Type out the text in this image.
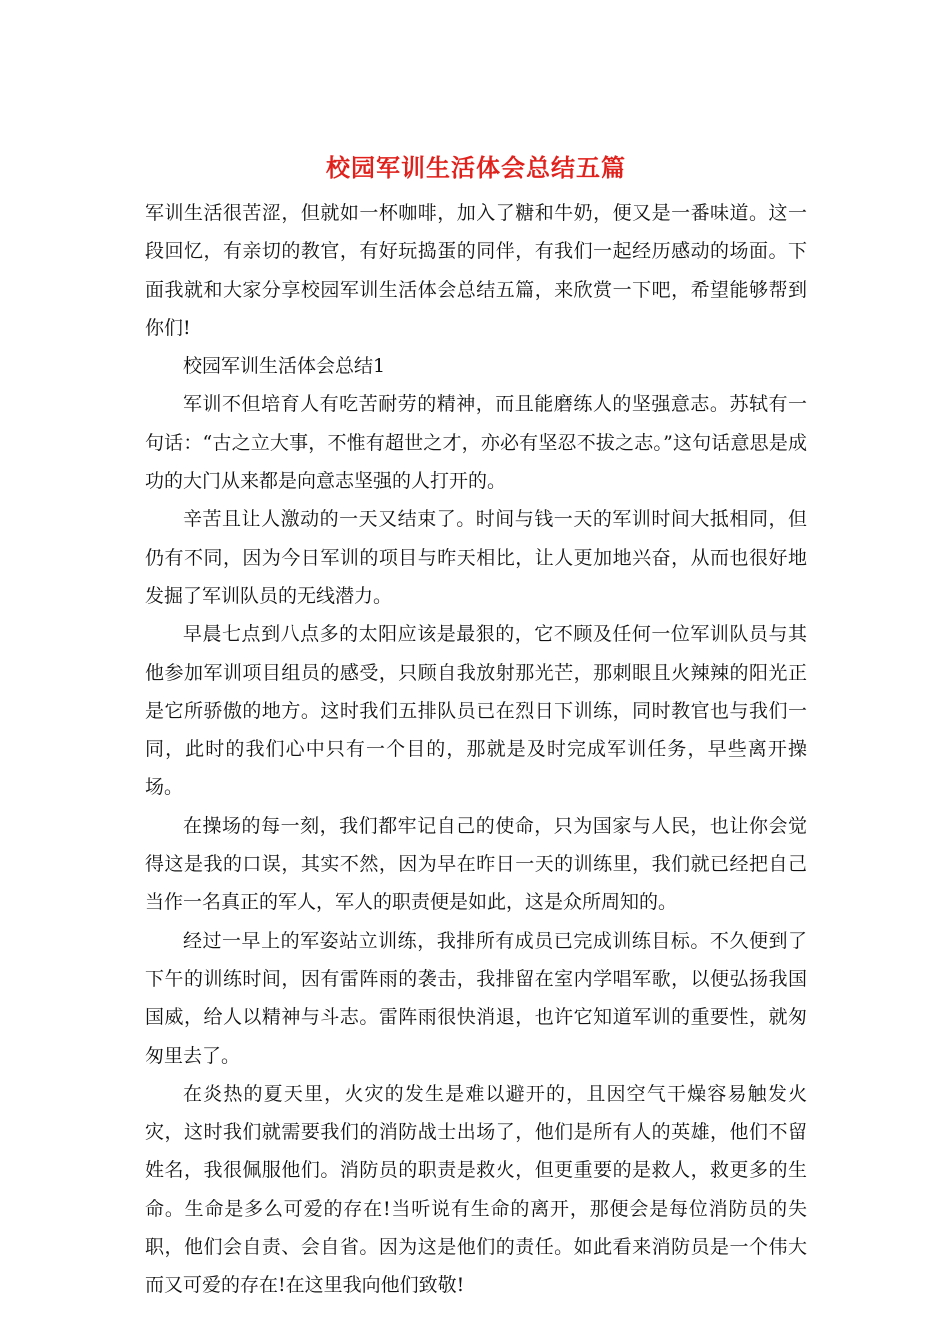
校园军训生活体会总结五篇

军训生活很苦涩，但就如一杯咖啡，加入了糖和牛奶，便又是一番味道。这一段回忆，有亲切的教官，有好玩捣蛋的同伴，有我们一起经历感动的场面。下面我就和大家分享校园军训生活体会总结五篇，来欣赏一下吧，希望能够帮到你们!

校园军训生活体会总结1

军训不但培育人有吃苦耐劳的精神，而且能磨练人的坚强意志。苏轼有一句话：“古之立大事，不惟有超世之才，亦必有坚忍不拔之志。”这句话意思是成功的大门从来都是向意志坚强的人打开的。

辛苦且让人激动的一天又结束了。时间与钱一天的军训时间大抵相同，但仍有不同，因为今日军训的项目与昨天相比，让人更加地兴奋，从而也很好地发掘了军训队员的无线潜力。

早晨七点到八点多的太阳应该是最狠的，它不顾及任何一位军训队员与其他参加军训项目组员的感受，只顾自我放射那光芒，那刺眼且火辣辣的阳光正是它所骄傲的地方。这时我们五排队员已在烈日下训练，同时教官也与我们一同，此时的我们心中只有一个目的，那就是及时完成军训任务，早些离开操场。

在操场的每一刻，我们都牢记自己的使命，只为国家与人民，也让你会觉得这是我的口误，其实不然，因为早在昨日一天的训练里，我们就已经把自己当作一名真正的军人，军人的职责便是如此，这是众所周知的。

经过一早上的军姿站立训练，我排所有成员已完成训练目标。不久便到了下午的训练时间，因有雷阵雨的袭击，我排留在室内学唱军歌，以便弘扬我国国威，给人以精神与斗志。雷阵雨很快消退，也许它知道军训的重要性，就匆匆里去了。

在炎热的夏天里，火灾的发生是难以避开的，且因空气干燥容易触发火灾，这时我们就需要我们的消防战士出场了，他们是所有人的英雄，他们不留姓名，我很佩服他们。消防员的职责是救火，但更重要的是救人，救更多的生命。生命是多么可爱的存在!当听说有生命的离开，那便会是每位消防员的失职，他们会自责、会自省。因为这是他们的责任。如此看来消防员是一个伟大而又可爱的存在!在这里我向他们致敬!
